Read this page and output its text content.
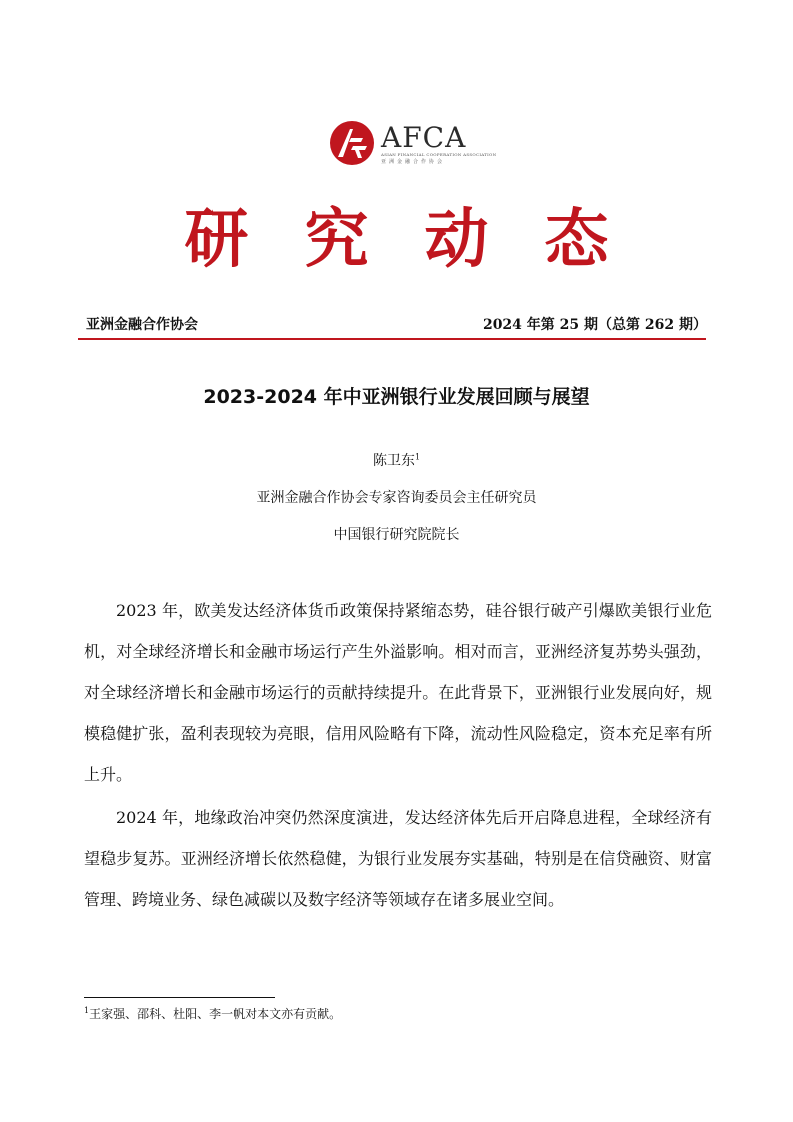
AFCA
ASIAN FINANCIAL COOPERATION ASSOCIATION
亚洲金融合作协会
研究动态
亚洲金融合作协会	2024 年第 25 期（总第 262 期）
2023-2024 年中亚洲银行业发展回顾与展望
陈卫东$^1$
亚洲金融合作协会专家咨询委员会主任研究员
中国银行研究院院长

2023 年，欧美发达经济体货币政策保持紧缩态势，硅谷银行破产引爆欧美银行业危机，对全球经济增长和金融市场运行产生外溢影响。相对而言，亚洲经济复苏势头强劲，对全球经济增长和金融市场运行的贡献持续提升。在此背景下，亚洲银行业发展向好，规模稳健扩张，盈利表现较为亮眼，信用风险略有下降，流动性风险稳定，资本充足率有所上升。

2024 年，地缘政治冲突仍然深度演进，发达经济体先后开启降息进程，全球经济有望稳步复苏。亚洲经济增长依然稳健，为银行业发展夯实基础，特别是在信贷融资、财富管理、跨境业务、绿色减碳以及数字经济等领域存在诸多展业空间。

$^1$王家强、邵科、杜阳、李一帆对本文亦有贡献。
